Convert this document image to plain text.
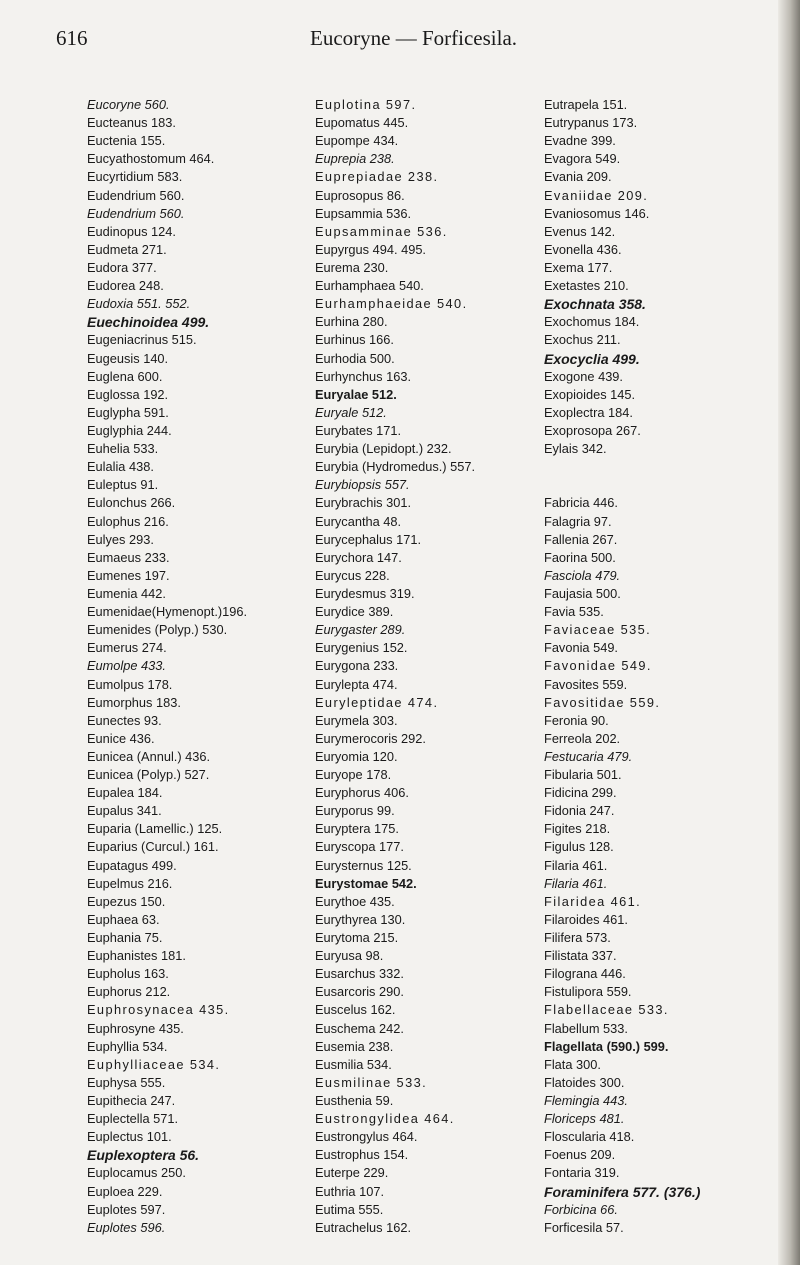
616	Eucoryne — Forficesila.
Eucoryne 560.
Eucteanus 183.
Euctenia 155.
Eucyathostomum 464.
Eucyrtidium 583.
Eudendrium 560.
Eudendrium 560.
Eudinopus 124.
Eudmeta 271.
Eudora 377.
Eudorea 248.
Eudoxia 551. 552.
Euechinoidea 499.
Eugeniacrinus 515.
Eugeusis 140.
Euglena 600.
Euglossa 192.
Euglypha 591.
Euglyphia 244.
Euhelia 533.
Eulalia 438.
Euleptus 91.
Eulonchus 266.
Eulophus 216.
Eulyes 293.
Eumaeus 233.
Eumenes 197.
Eumenia 442.
Eumenidae(Hymenopt.)196.
Eumenides (Polyp.) 530.
Eumerus 274.
Eumolpe 433.
Eumolpus 178.
Eumorphus 183.
Eunectes 93.
Eunice 436.
Eunicea (Annul.) 436.
Eunicea (Polyp.) 527.
Eupalea 184.
Eupalus 341.
Euparia (Lamellic.) 125.
Euparius (Curcul.) 161.
Eupatagus 499.
Eupelmus 216.
Eupezus 150.
Euphaea 63.
Euphania 75.
Euphanistes 181.
Eupholus 163.
Euphorus 212.
Euphrosynacea 435.
Euphrosyne 435.
Euphyllia 534.
Euphylliaceae 534.
Euphysa 555.
Eupithecia 247.
Euplectella 571.
Euplectus 101.
Euplexoptera 56.
Euplocamus 250.
Euploea 229.
Euplotes 597.
Euplotes 596.
Euplotina 597.
Eupomatus 445.
Eupompe 434.
Euprepia 238.
Euprepiadae 238.
Euprosopus 86.
Eupsammia 536.
Eupsamminae 536.
Eupyrgus 494. 495.
Eurema 230.
Eurhamphaea 540.
Eurhamphaeidae 540.
Eurhina 280.
Eurhinus 166.
Eurhodia 500.
Eurhynchus 163.
Euryalae 512.
Euryale 512.
Eurybates 171.
Eurybia (Lepidopt.) 232.
Eurybia (Hydromedus.) 557.
Eurybiopsis 557.
Eurybrachis 301.
Eurycantha 48.
Eurycephalus 171.
Eurychora 147.
Eurycus 228.
Eurydesmus 319.
Eurydice 389.
Eurygaster 289.
Eurygenius 152.
Eurygona 233.
Eurylepta 474.
Euryleptidae 474.
Eurymela 303.
Eurymerocoris 292.
Euryomia 120.
Euryope 178.
Euryphorus 406.
Euryporus 99.
Euryptera 175.
Euryscopa 177.
Eurysternus 125.
Eurystomae 542.
Eurythoe 435.
Eurythyrea 130.
Eurytoma 215.
Euryusa 98.
Eusarchus 332.
Eusarcoris 290.
Euscelus 162.
Euschema 242.
Eusemia 238.
Eusmilia 534.
Eusmilinae 533.
Eusthenia 59.
Eustrongylidea 464.
Eustrongylus 464.
Eustrophus 154.
Euterpe 229.
Euthria 107.
Eutima 555.
Eutrachelus 162.
Eutrapela 151.
Eutrypanus 173.
Evadne 399.
Evagora 549.
Evania 209.
Evaniidae 209.
Evaniosomus 146.
Evenus 142.
Evonella 436.
Exema 177.
Exetastes 210.
Exochnata 358.
Exochomus 184.
Exochus 211.
Exocyclia 499.
Exogone 439.
Exopioides 145.
Exoplectra 184.
Exoprosopa 267.
Eylais 342.
Fabricia 446.
Falagria 97.
Fallenia 267.
Faorina 500.
Fasciola 479.
Faujasia 500.
Favia 535.
Faviaceae 535.
Favonia 549.
Favonidae 549.
Favosites 559.
Favositidae 559.
Feronia 90.
Ferreola 202.
Festucaria 479.
Fibularia 501.
Fidicina 299.
Fidonia 247.
Figites 218.
Figulus 128.
Filaria 461.
Filaria 461.
Filaridea 461.
Filaroides 461.
Filifera 573.
Filistata 337.
Filograna 446.
Fistulipora 559.
Flabellaceae 533.
Flabellum 533.
Flagellata (590.) 599.
Flata 300.
Flatoides 300.
Flemingia 443.
Floriceps 481.
Floscularia 418.
Foenus 209.
Fontaria 319.
Foraminifera 577. (376.)
Forbicina 66.
Forficesila 57.
